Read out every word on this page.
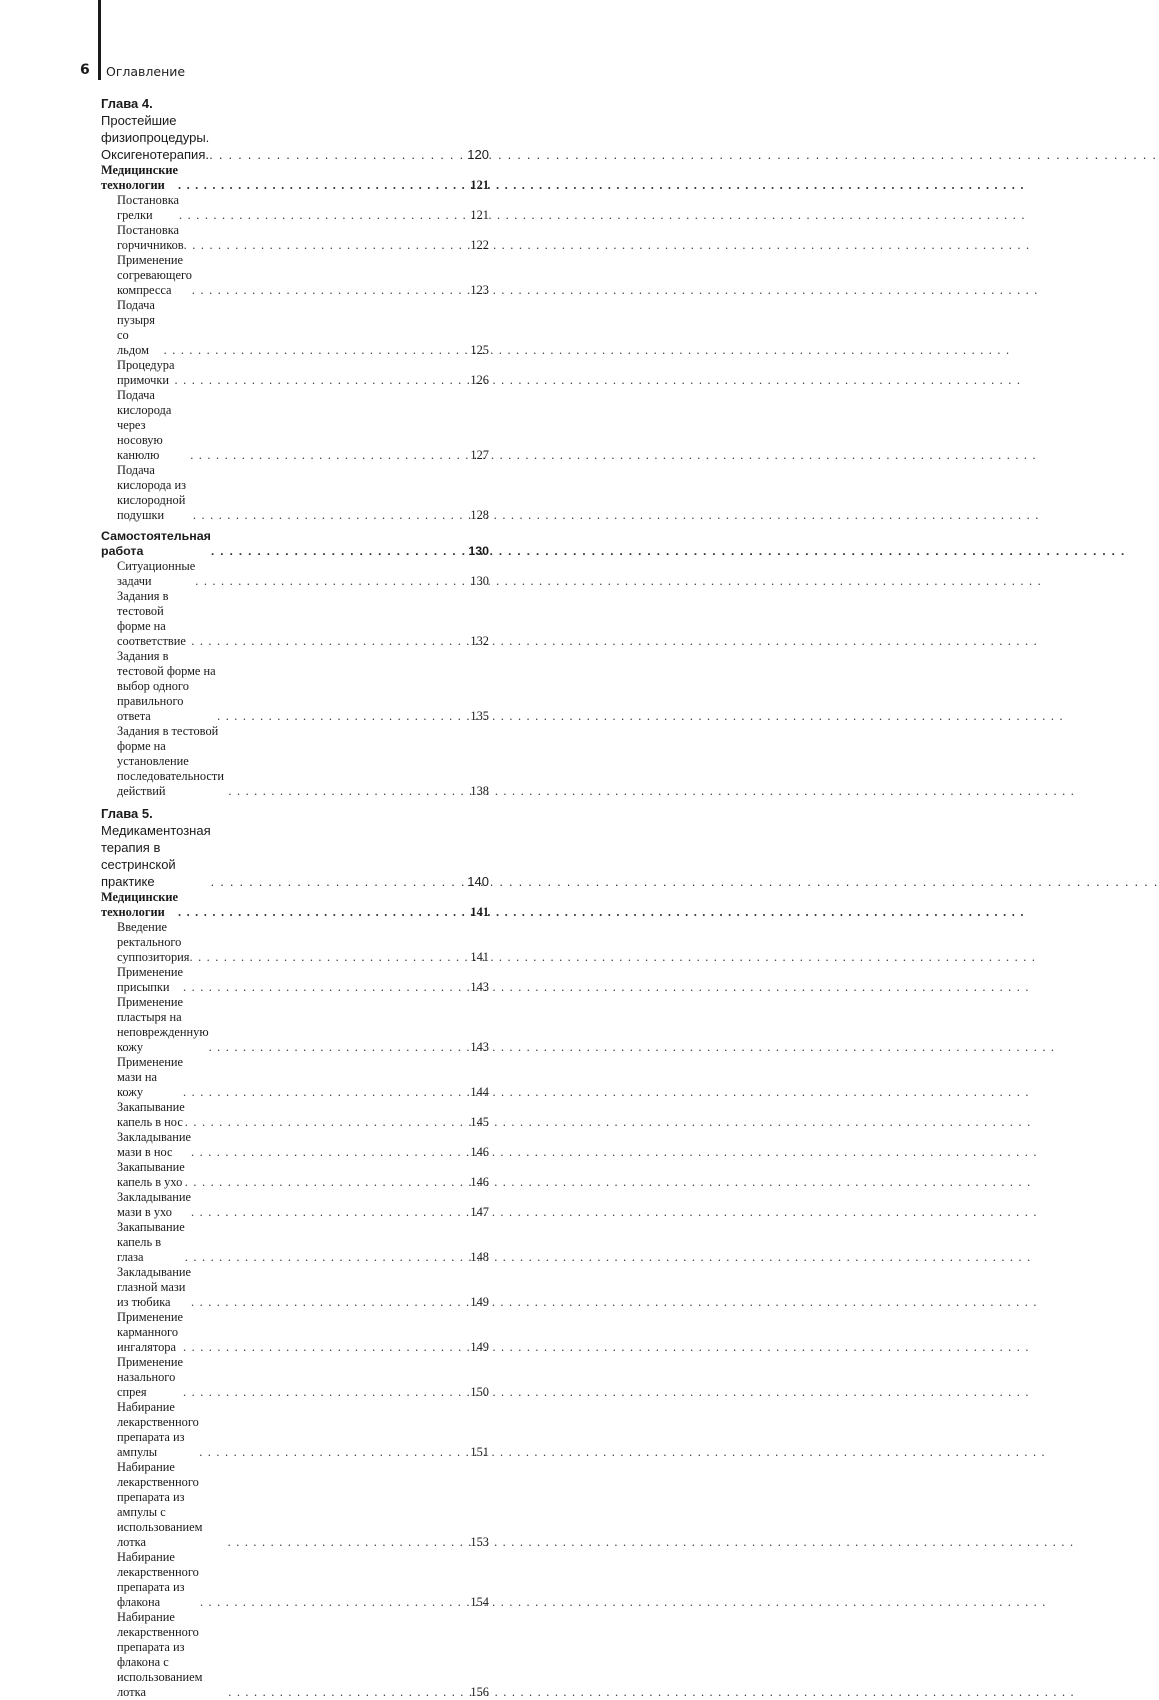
6 Оглавление
Глава 4. Простейшие физиопроцедуры. Оксигенотерапия. . . .	120
Медицинские технологии . . .	121
Постановка грелки . . .	121
Постановка горчичников . . .	122
Применение согревающего компресса . . .	123
Подача пузыря со льдом . . .	125
Процедура примочки . . .	126
Подача кислорода через носовую канюлю . . .	127
Подача кислорода из кислородной подушки . . .	128
Самостоятельная работа . . .	130
Ситуационные задачи . . .	130
Задания в тестовой форме на соответствие . . .	132
Задания в тестовой форме на выбор одного правильного ответа . . .	135
Задания в тестовой форме на установление последовательности действий . . .	138
Глава 5. Медикаментозная терапия в сестринской практике . . .	140
Медицинские технологии . . .	141
Введение ректального суппозитория . . .	141
Применение присыпки . . .	143
Применение пластыря на неповрежденную кожу . . .	143
Применение мази на кожу . . .	144
Закапывание капель в нос . . .	145
Закладывание мази в нос . . .	146
Закапывание капель в ухо . . .	146
Закладывание мази в ухо . . .	147
Закапывание капель в глаза . . .	148
Закладывание глазной мази из тюбика . . .	149
Применение карманного ингалятора . . .	149
Применение назального спрея . . .	150
Набирание лекарственного препарата из ампулы . . .	151
Набирание лекарственного препарата из ампулы с использованием лотка . . .	153
Набирание лекарственного препарата из флакона . . .	154
Набирание лекарственного препарата из флакона с использованием лотка . . .	156
